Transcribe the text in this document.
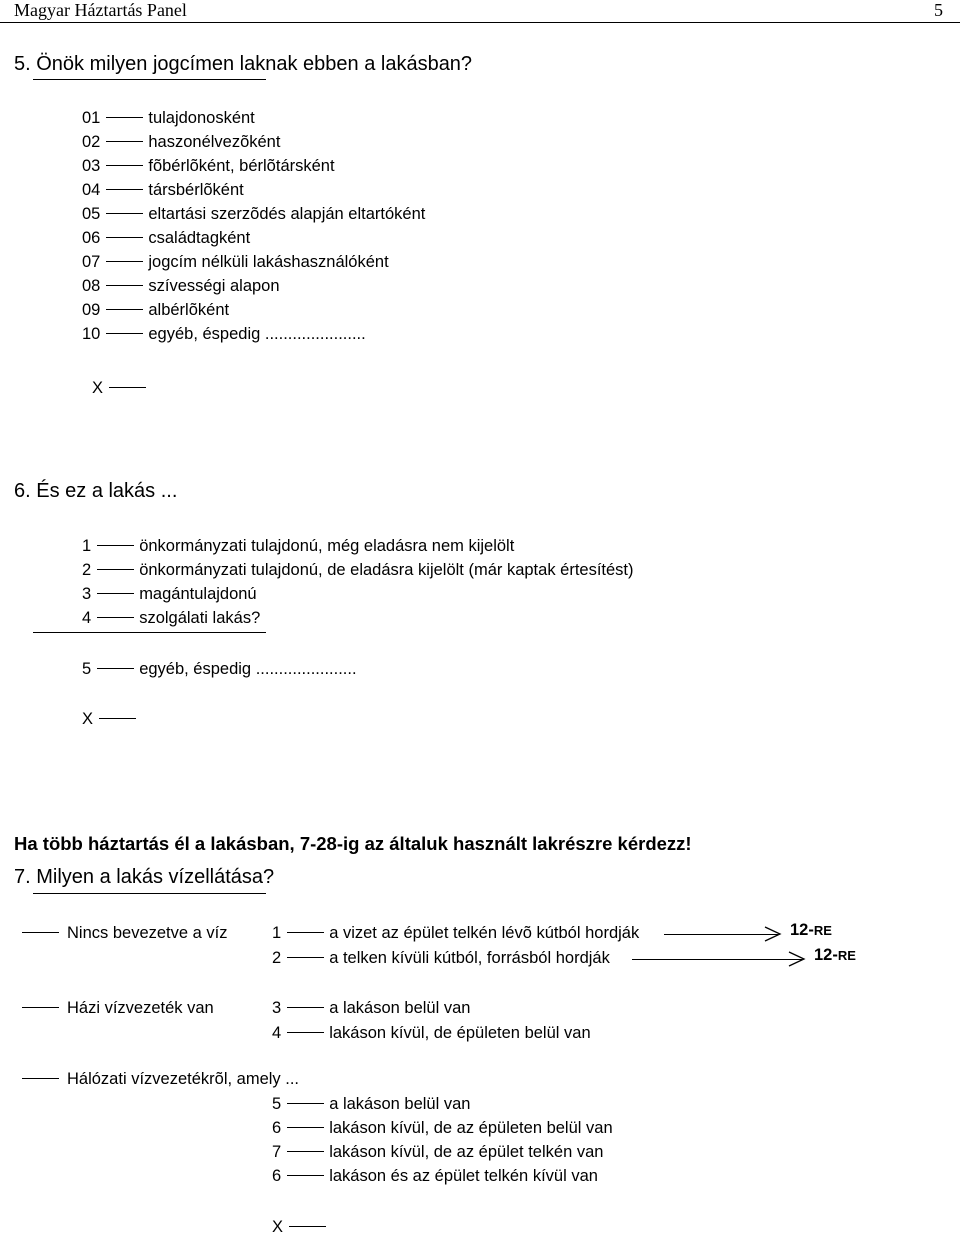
Magyar Háztartás Panel	5
5. Önök milyen jogcímen laknak ebben a lakásban?
01	tulajdonosként
02	haszonélvezõként
03	fõbérlõként, bérlõtársként
04	társbérlõként
05	eltartási szerzõdés alapján eltartóként
06	családtagként
07	jogcím nélküli lakáshasználóként
08	szívességi alapon
09	albérlõként
10	egyéb, éspedig ......................
X
6. És ez a lakás ...
1	önkormányzati tulajdonú, még eladásra nem kijelölt
2	önkormányzati tulajdonú, de eladásra kijelölt (már kaptak értesítést)
3	magántulajdonú
4	szolgálati lakás?
5	egyéb, éspedig ......................
X
Ha több háztartás él a lakásban, 7-28-ig az általuk használt lakrészre kérdezz!
7. Milyen a lakás vízellátása?
Nincs bevezetve a víz	1	a vizet az épület telkén lévõ kútból hordják	12-RE
2	a telken kívüli kútból, forrásból hordják	12-RE
Házi vízvezeték van	3	a lakáson belül van
4	lakáson kívül, de épületen belül van
Hálózati vízvezetékrõl, amely ...
5	a lakáson belül van
6	lakáson kívül, de az épületen belül van
7	lakáson kívül, de az épület telkén van
6	lakáson és az épület telkén kívül van
X
